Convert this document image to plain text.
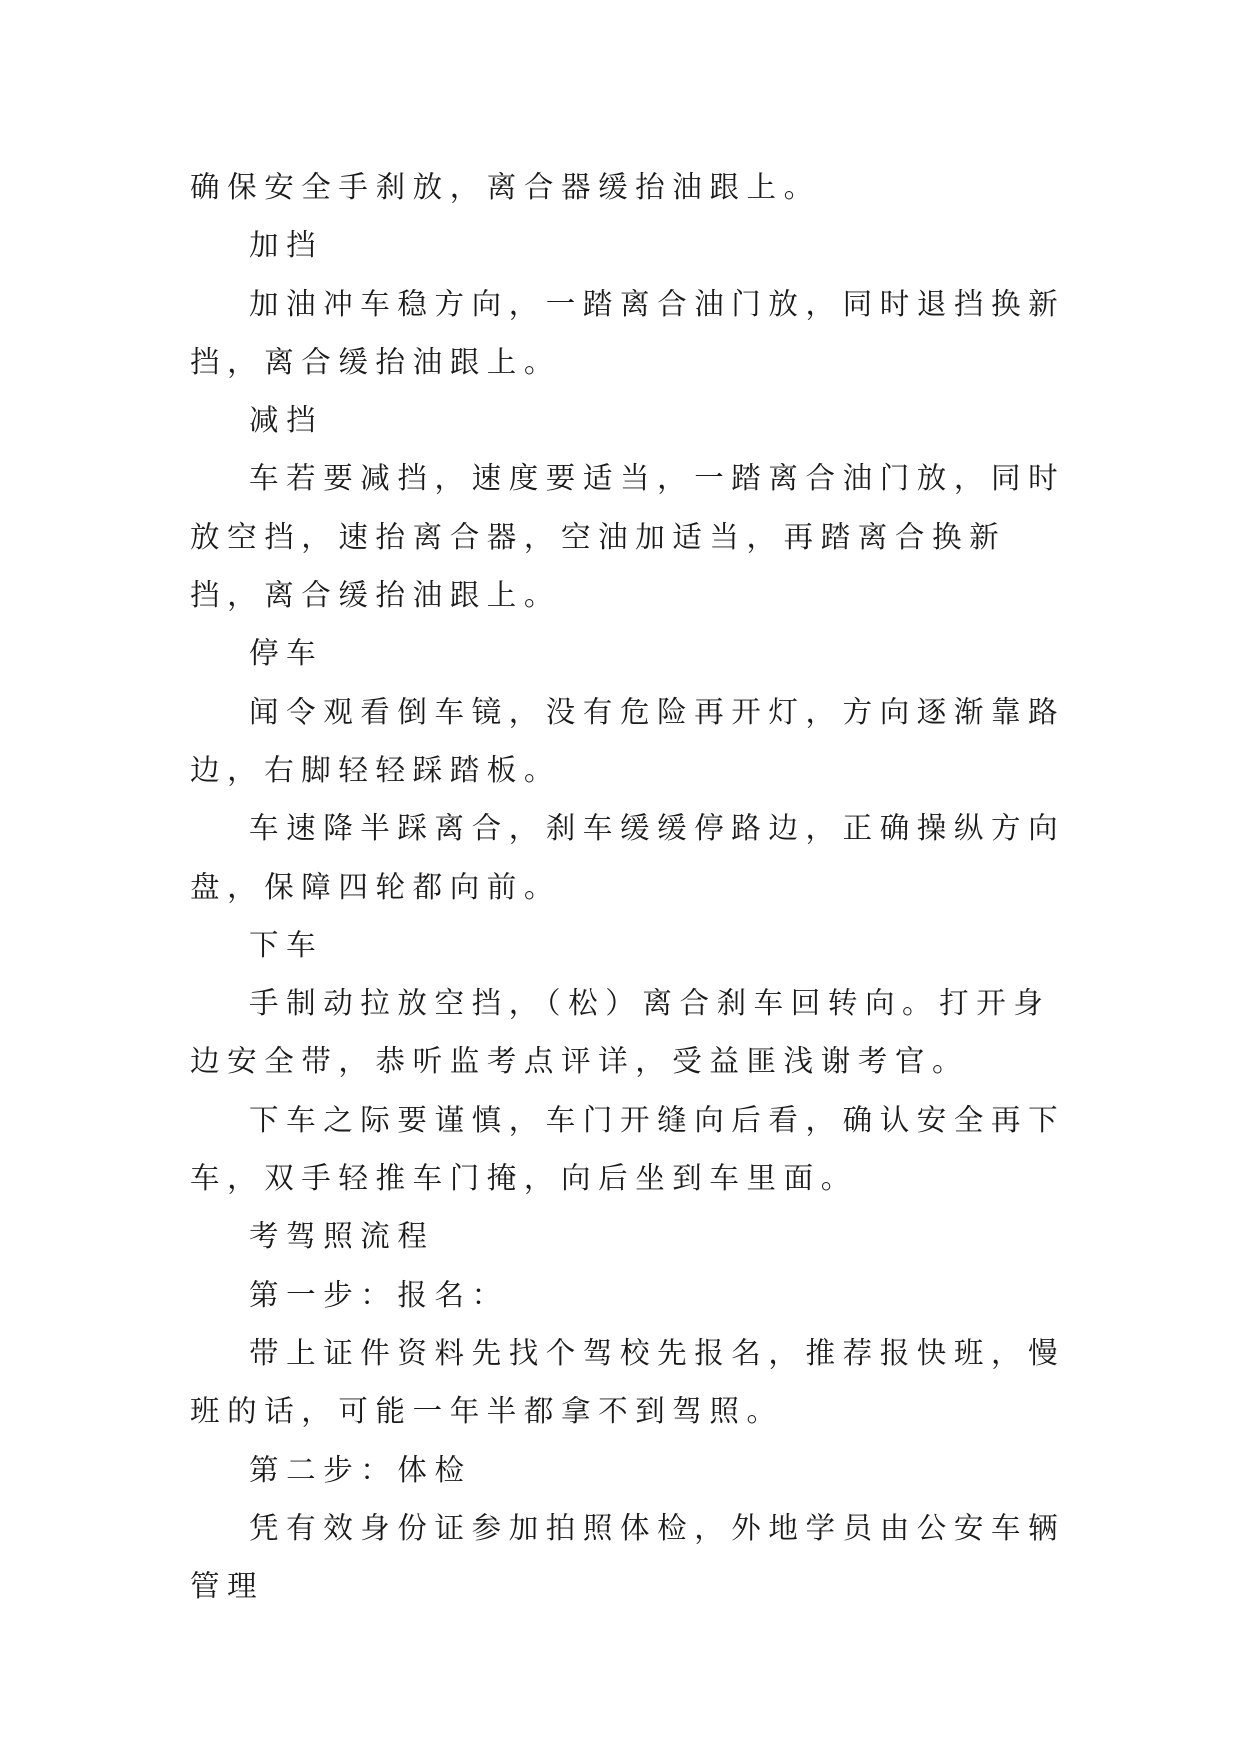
确保安全手刹放，离合器缓抬油跟上。

加挡

加油冲车稳方向，一踏离合油门放，同时退挡换新挡，离合缓抬油跟上。

减挡

车若要减挡，速度要适当，一踏离合油门放，同时放空挡，速抬离合器，空油加适当，再踏离合换新挡，离合缓抬油跟上。

停车

闻令观看倒车镜，没有危险再开灯，方向逐渐靠路边，右脚轻轻踩踏板。

车速降半踩离合，刹车缓缓停路边，正确操纵方向盘，保障四轮都向前。

下车

手制动拉放空挡，（松）离合刹车回转向。打开身边安全带，恭听监考点评详，受益匪浅谢考官。

下车之际要谨慎，车门开缝向后看，确认安全再下车，双手轻推车门掩，向后坐到车里面。

考驾照流程

第一步：报名：

带上证件资料先找个驾校先报名，推荐报快班，慢班的话，可能一年半都拿不到驾照。

第二步：体检

凭有效身份证参加拍照体检，外地学员由公安车辆管理
